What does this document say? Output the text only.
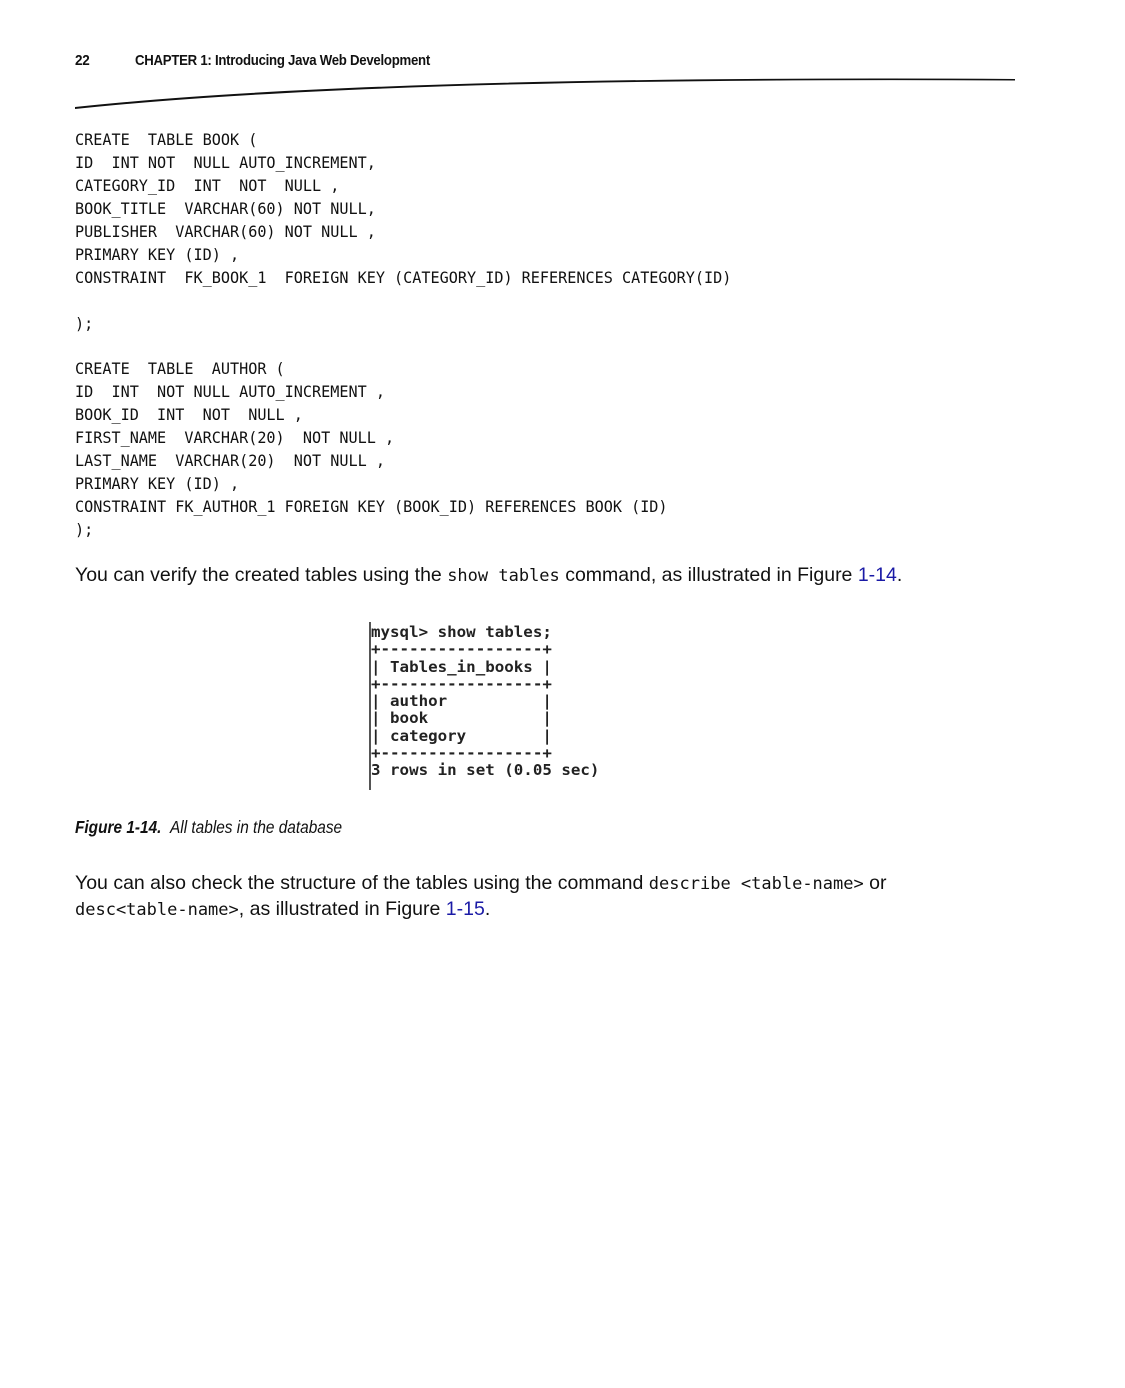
22	CHAPTER 1: Introducing Java Web Development
CREATE  TABLE BOOK (
ID  INT NOT  NULL AUTO_INCREMENT,
CATEGORY_ID  INT  NOT  NULL ,
BOOK_TITLE  VARCHAR(60) NOT NULL,
PUBLISHER  VARCHAR(60) NOT NULL ,
PRIMARY KEY (ID) ,
CONSTRAINT  FK_BOOK_1  FOREIGN KEY (CATEGORY_ID) REFERENCES CATEGORY(ID)

);
CREATE  TABLE  AUTHOR (
ID  INT  NOT NULL AUTO_INCREMENT ,
BOOK_ID  INT  NOT  NULL ,
FIRST_NAME  VARCHAR(20)  NOT NULL ,
LAST_NAME  VARCHAR(20)  NOT NULL ,
PRIMARY KEY (ID) ,
CONSTRAINT FK_AUTHOR_1 FOREIGN KEY (BOOK_ID) REFERENCES BOOK (ID)
);

You can verify the created tables using the show tables command, as illustrated in Figure 1-14.

mysql> show tables;
+-----------------+
| Tables_in_books |
+-----------------+
| author          |
| book            |
| category        |
+-----------------+
3 rows in set (0.05 sec)
Figure 1-14. All tables in the database

You can also check the structure of the tables using the command describe <table-name> or
desc<table-name>, as illustrated in Figure 1-15.
